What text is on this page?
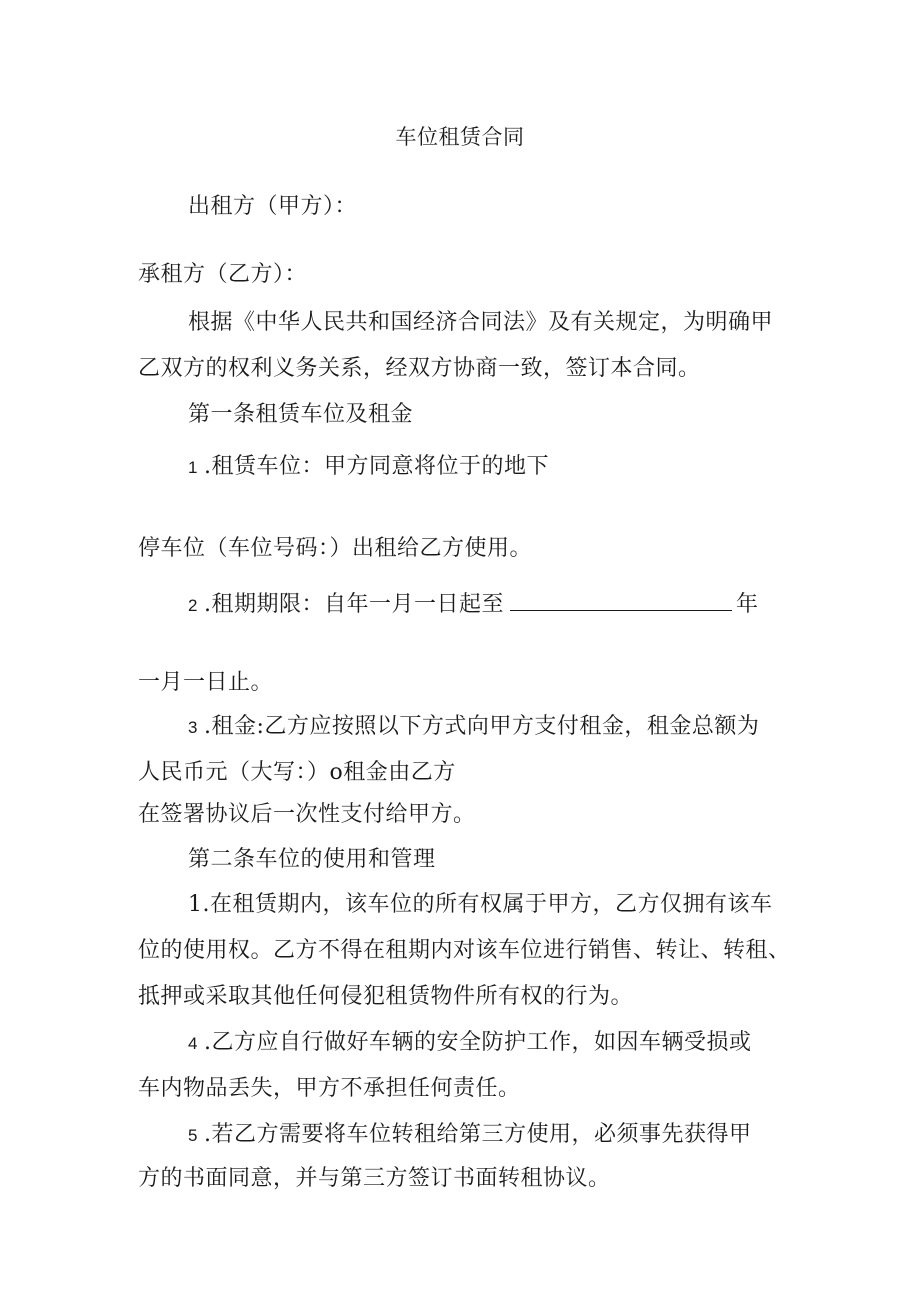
车位租赁合同
出租方（甲方）：
承租方（乙方）：
根据《中华人民共和国经济合同法》及有关规定，为明确甲
乙双方的权利义务关系，经双方协商一致，签订本合同。
第一条租赁车位及租金
1 .租赁车位：甲方同意将位于的地下
停车位（车位号码：）出租给乙方使用。
2 .租期期限：自年一月一日起至	年
一月一日止。
3 .租金:乙方应按照以下方式向甲方支付租金，租金总额为
人民币元（大写：）o租金由乙方
在签署协议后一次性支付给甲方。
第二条车位的使用和管理
1.在租赁期内，该车位的所有权属于甲方，乙方仅拥有该车
位的使用权。乙方不得在租期内对该车位进行销售、转让、转租、
抵押或采取其他任何侵犯租赁物件所有权的行为。
4 .乙方应自行做好车辆的安全防护工作，如因车辆受损或
车内物品丢失，甲方不承担任何责任。
5 .若乙方需要将车位转租给第三方使用，必须事先获得甲
方的书面同意，并与第三方签订书面转租协议。
